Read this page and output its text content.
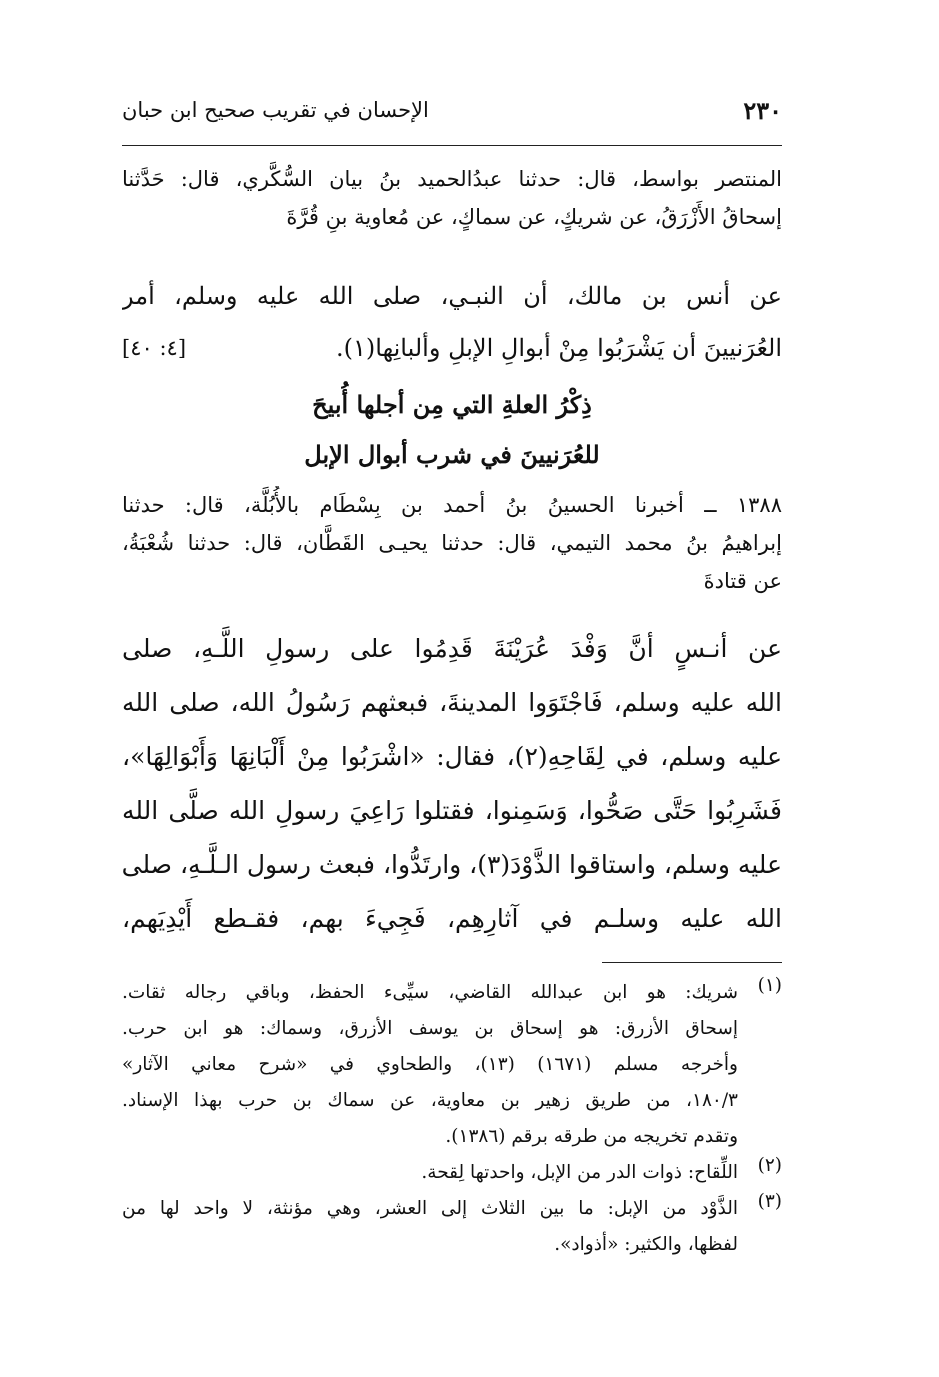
٢٣٠
الإحسان في تقريب صحيح ابن حبان
المنتصر بواسط، قال: حدثنا عبدُالحميد بنُ بيان السُّكَّري، قال: حَدَّثنا
إسحاقُ الأَزْرَقُ، عن شريكٍ، عن سماكٍ، عن مُعاوية بنِ قُرَّةَ
عن أنس بن مالك، أن النبـي، صلى الله عليه وسلم، أمر
[٤: ٤٠]	العُرَنيينَ أن يَشْرَبُوا مِنْ أبوالِ الإبلِ وألبانِها(١).
ذِكْرُ العلةِ التي مِن أجلها أُبيحَ
للعُرَنيينَ في شرب أبوال الإبل
١٣٨٨ ــ أخبرنا الحسينُ بنُ أحمد بن بِسْطَام بالأُبُلَّة، قال: حدثنا
إبراهيمُ بنُ محمد التيمي، قال: حدثنا يحيـى القَطَّان، قال: حدثنا شُعْبَةُ،
عن قتادةَ
عن أنـسٍ أنَّ وَفْدَ عُرَيْنَةَ قَدِمُوا على رسولِ اللَّـهِ، صلى
الله عليه وسلم، فَاجْتَوَوا المدينةَ، فبعثهم رَسُولُ الله، صلى الله
عليه وسلم، في لِقَاحِهِ(٢)، فقال: «اشْرَبُوا مِنْ أَلْبَانِهَا وَأَبْوَالِهَا»،
فَشَرِبُوا حَتَّى صَحُّوا، وَسَمِنوا، فقتلوا رَاعِيَ رسولِ الله صلَّى الله
عليه وسلم، واستاقوا الذَّوْدَ(٣)، وارتَدُّوا، فبعث رسول الـلَّـهِ، صلى
الله عليه وسلـم في آثارِهِم، فَجِيءَ بهم، فقـطع أَيْدِيَهم،
(١)
شريك: هو ابن عبدالله القاضي، سيِّىء الحفظ، وباقي رجاله ثقات.
إسحاق الأزرق: هو إسحاق بن يوسف الأزرق، وسماك: هو ابن حرب.
وأخرجه مسلم (١٦٧١) (١٣)، والطحاوي في «شرح معاني الآثار»
١٨٠/٣، من طريق زهير بن معاوية، عن سماك بن حرب بهذا الإسناد.
وتقدم تخريجه من طرقه برقم (١٣٨٦).
(٢)
اللِّقاح: ذوات الدر من الإبل، واحدتها لِقحة.
(٣)
الذَّوْد من الإبل: ما بين الثلاث إلى العشر، وهي مؤنثة، لا واحد لها من
لفظها، والكثير: «أذواد».
